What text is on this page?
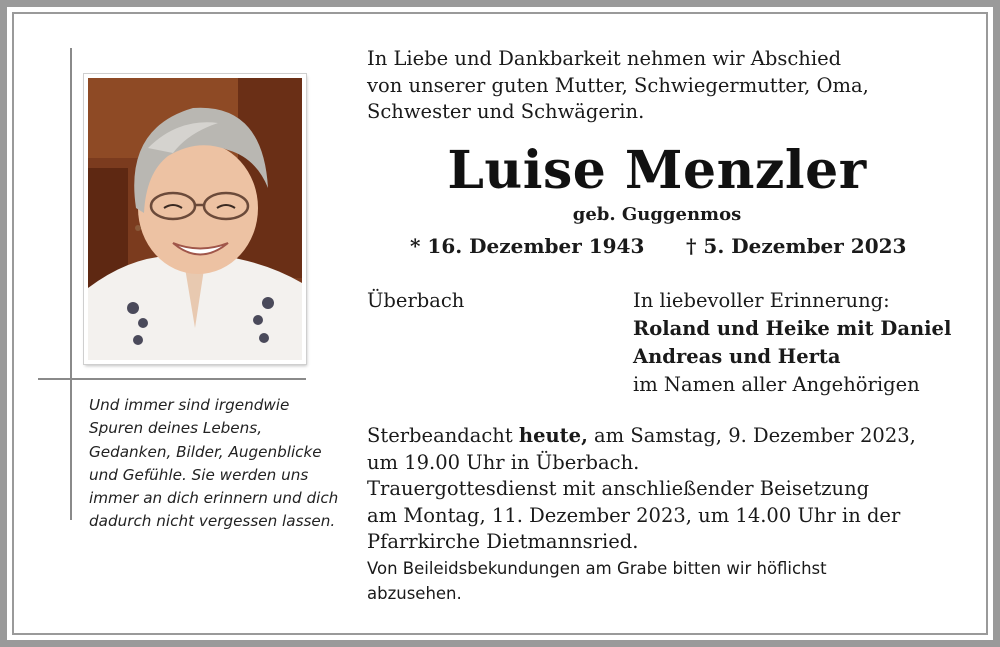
Und immer sind irgendwie
Spuren deines Lebens,
Gedanken, Bilder, Augenblicke
und Gefühle. Sie werden uns
immer an dich erinnern und dich
dadurch nicht vergessen lassen.
In Liebe und Dankbarkeit nehmen wir Abschied
von unserer guten Mutter, Schwiegermutter, Oma,
Schwester und Schwägerin.
Luise Menzler
geb. Guggenmos
* 16. Dezember 1943 † 5. Dezember 2023
Überbach	In liebevoller Erinnerung:
Roland und Heike mit Daniel
Andreas und Herta
im Namen aller Angehörigen
Sterbeandacht heute, am Samstag, 9. Dezember 2023,
um 19.00 Uhr in Überbach.
Trauergottesdienst mit anschließender Beisetzung
am Montag, 11. Dezember 2023, um 14.00 Uhr in der
Pfarrkirche Dietmannsried.
Von Beileidsbekundungen am Grabe bitten wir höflichst
abzusehen.
